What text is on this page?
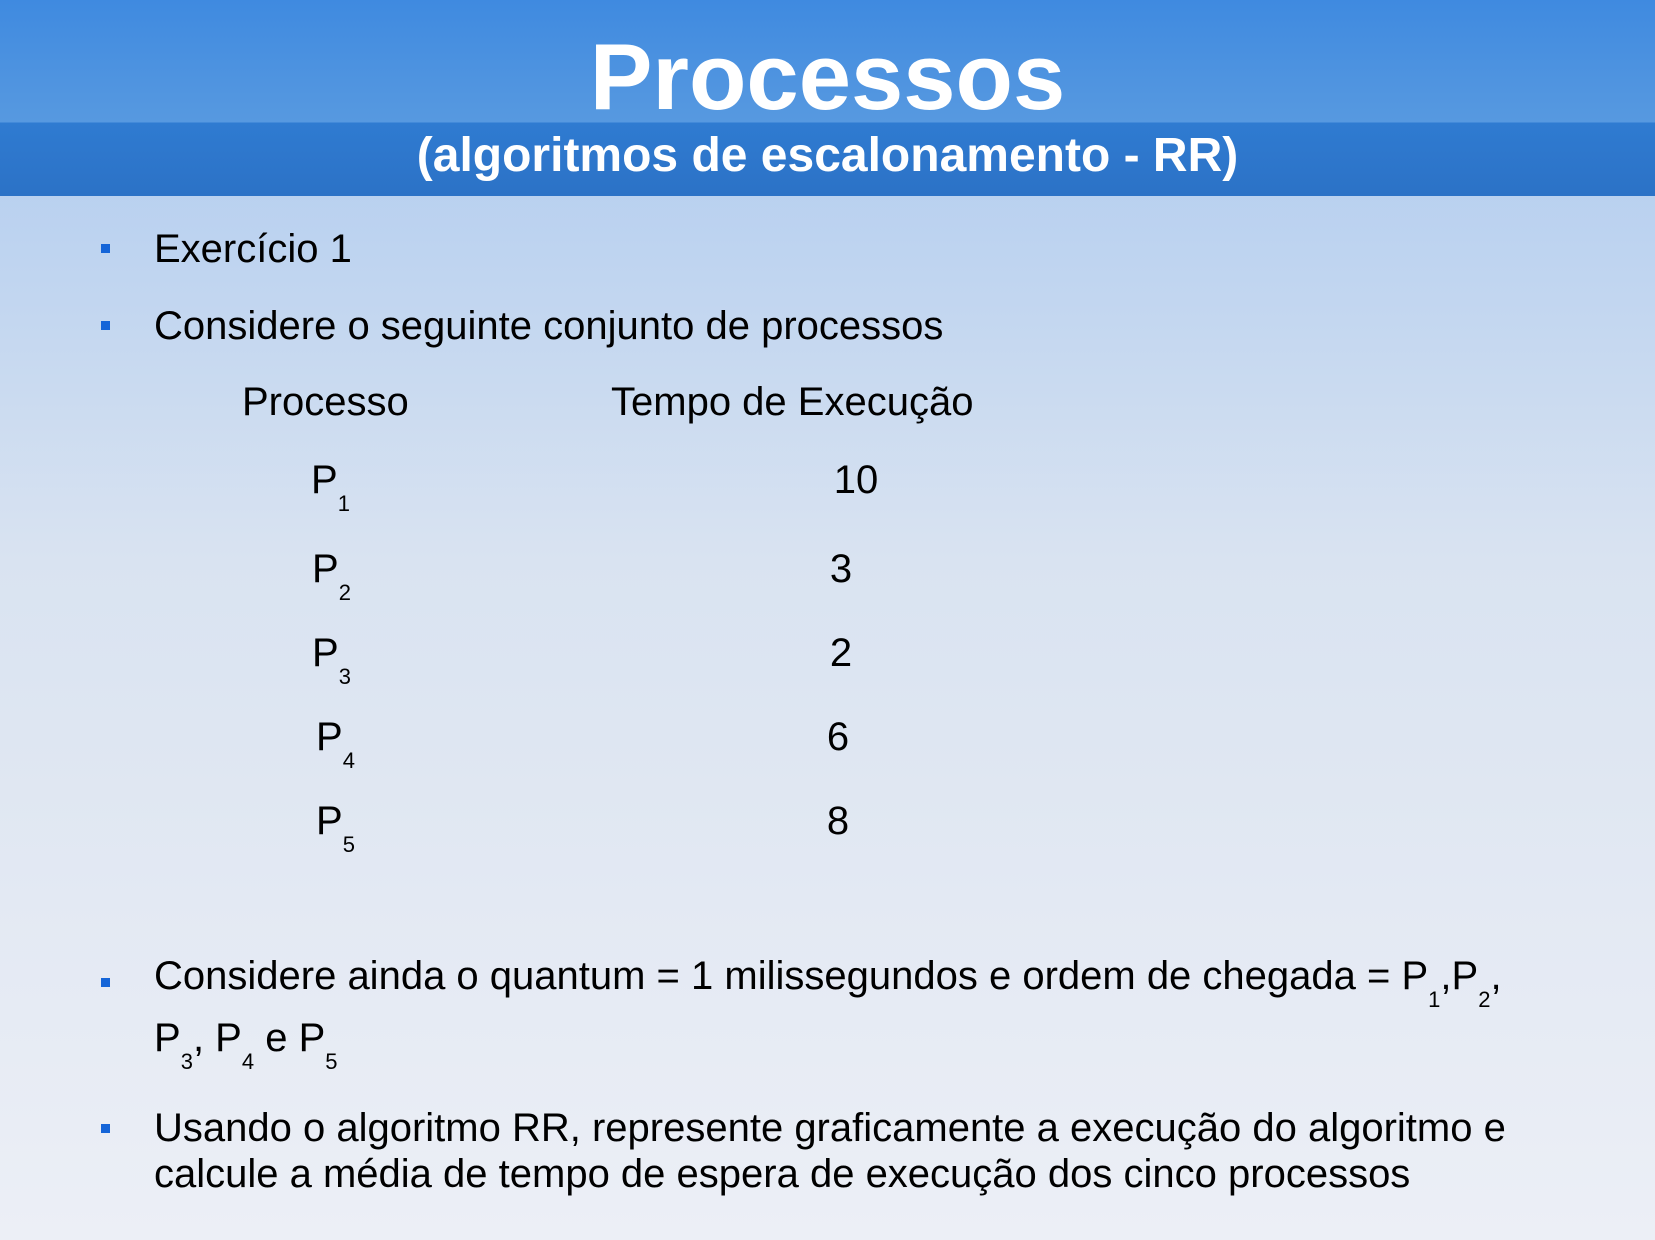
Processos
(algoritmos de escalonamento - RR)
Exercício 1
Considere o seguinte conjunto de processos
Processo	Tempo de Execução
$P_1$
10
$P_2$
3
$P_3$
2
$P_4$
6
$P_5$
8
Considere ainda o quantum = 1 milissegundos e ordem de chegada = $P_1,P_2$,
$P_3$, $P_4$ e $P_5$
Usando o algoritmo RR, represente graficamente a execução do algoritmo e
calcule a média de tempo de espera de execução dos cinco processos
